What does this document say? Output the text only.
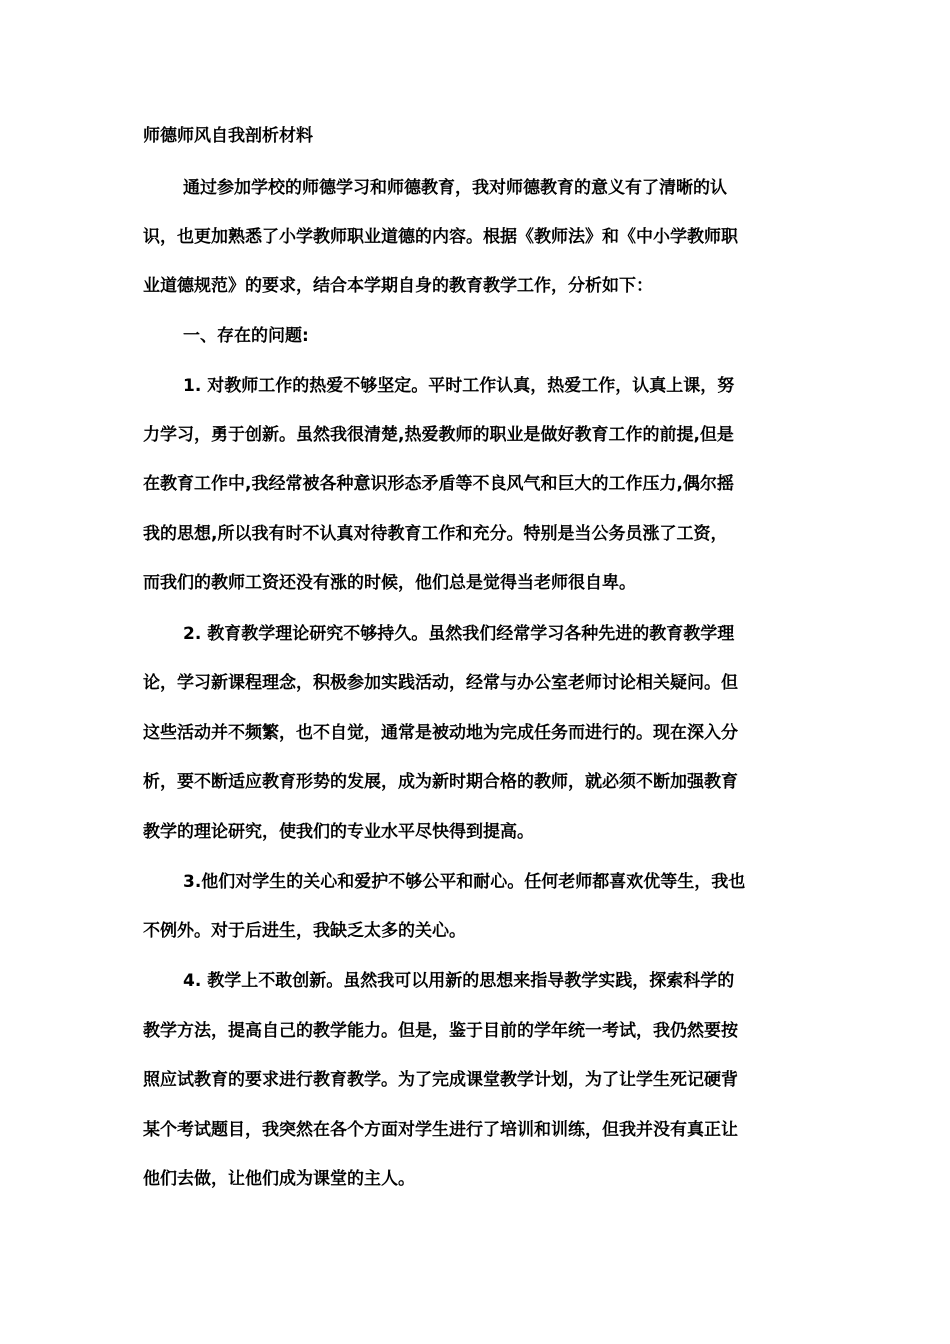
师德师风自我剖析材料

通过参加学校的师德学习和师德教育，我对师德教育的意义有了清晰的认

识，也更加熟悉了小学教师职业道德的内容。根据《教师法》和《中小学教师职

业道德规范》的要求，结合本学期自身的教育教学工作，分析如下：

一、存在的问题:

1. 对教师工作的热爱不够坚定。平时工作认真，热爱工作，认真上课，努

力学习，勇于创新。虽然我很清楚,热爱教师的职业是做好教育工作的前提,但是

在教育工作中,我经常被各种意识形态矛盾等不良风气和巨大的工作压力,偶尔摇

我的思想,所以我有时不认真对待教育工作和充分。特别是当公务员涨了工资，

而我们的教师工资还没有涨的时候，他们总是觉得当老师很自卑。

2. 教育教学理论研究不够持久。虽然我们经常学习各种先进的教育教学理

论，学习新课程理念，积极参加实践活动，经常与办公室老师讨论相关疑问。但

这些活动并不频繁，也不自觉，通常是被动地为完成任务而进行的。现在深入分

析，要不断适应教育形势的发展，成为新时期合格的教师，就必须不断加强教育

教学的理论研究，使我们的专业水平尽快得到提高。

3.他们对学生的关心和爱护不够公平和耐心。任何老师都喜欢优等生，我也

不例外。对于后进生，我缺乏太多的关心。

4. 教学上不敢创新。虽然我可以用新的思想来指导教学实践，探索科学的

教学方法，提高自己的教学能力。但是，鉴于目前的学年统一考试，我仍然要按

照应试教育的要求进行教育教学。为了完成课堂教学计划，为了让学生死记硬背

某个考试题目，我突然在各个方面对学生进行了培训和训练，但我并没有真正让

他们去做，让他们成为课堂的主人。
